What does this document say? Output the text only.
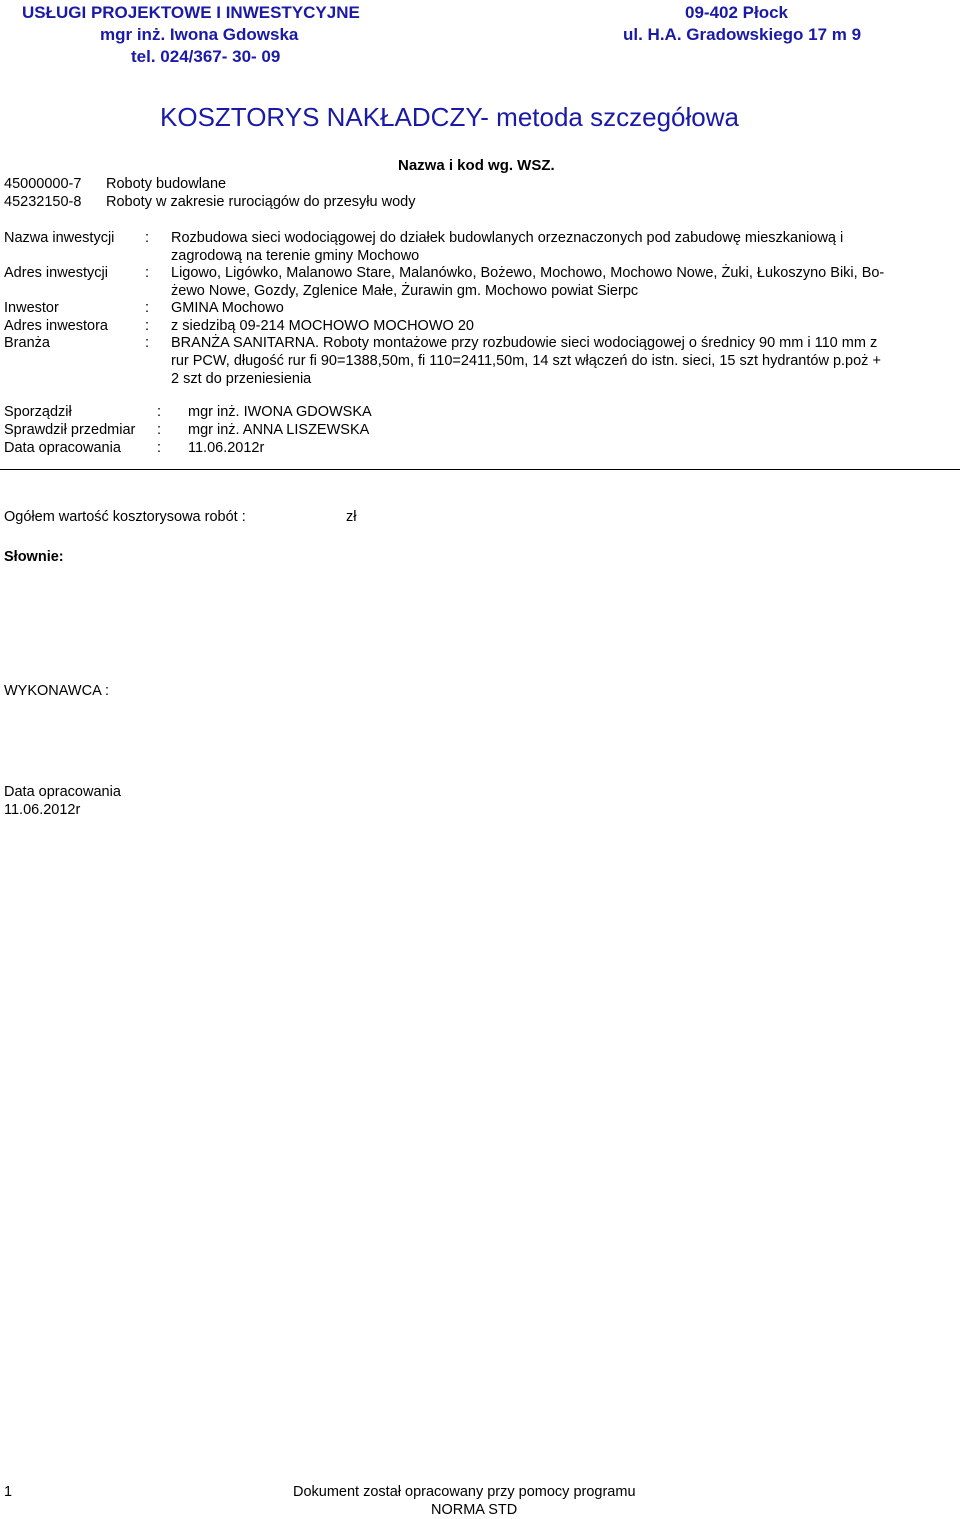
USŁUGI PROJEKTOWE I INWESTYCYJNE
mgr inż. Iwona Gdowska
tel. 024/367- 30- 09
09-402 Płock
ul. H.A. Gradowskiego 17 m 9
KOSZTORYS NAKŁADCZY- metoda szczegółowa
Nazwa i kod wg. WSZ.
45000000-7 Roboty budowlane
45232150-8 Roboty w zakresie rurociągów do przesyłu wody
Nazwa inwestycji : Rozbudowa sieci wodociągowej do działek budowlanych orzeznaczonych pod zabudowę mieszkaniową i
zagrodową na terenie gminy Mochowo
Adres inwestycji	: Ligowo, Ligówko, Malanowo Stare, Malanówko, Bożewo, Mochowo, Mochowo Nowe, Żuki, Łukoszyno Biki, Bo-
żewo Nowe, Gozdy, Zglenice Małe, Żurawin gm. Mochowo powiat Sierpc
Inwestor	: GMINA Mochowo
Adres inwestora	: z siedzibą 09-214 MOCHOWO MOCHOWO 20
Branża	: BRANŻA SANITARNA. Roboty montażowe przy rozbudowie sieci wodociągowej o średnicy 90 mm i 110 mm z
rur PCW, długość rur fi 90=1388,50m, fi 110=2411,50m, 14 szt włączeń do istn. sieci, 15 szt hydrantów p.poż +
2 szt do przeniesienia
Sporządził	: mgr inż. IWONA GDOWSKA
Sprawdził przedmiar : mgr inż. ANNA LISZEWSKA
Data opracowania : 11.06.2012r
Ogółem wartość kosztorysowa robót :	zł
Słownie:
WYKONAWCA :
Data opracowania
11.06.2012r
1	Dokument został opracowany przy pomocy programu
NORMA STD
